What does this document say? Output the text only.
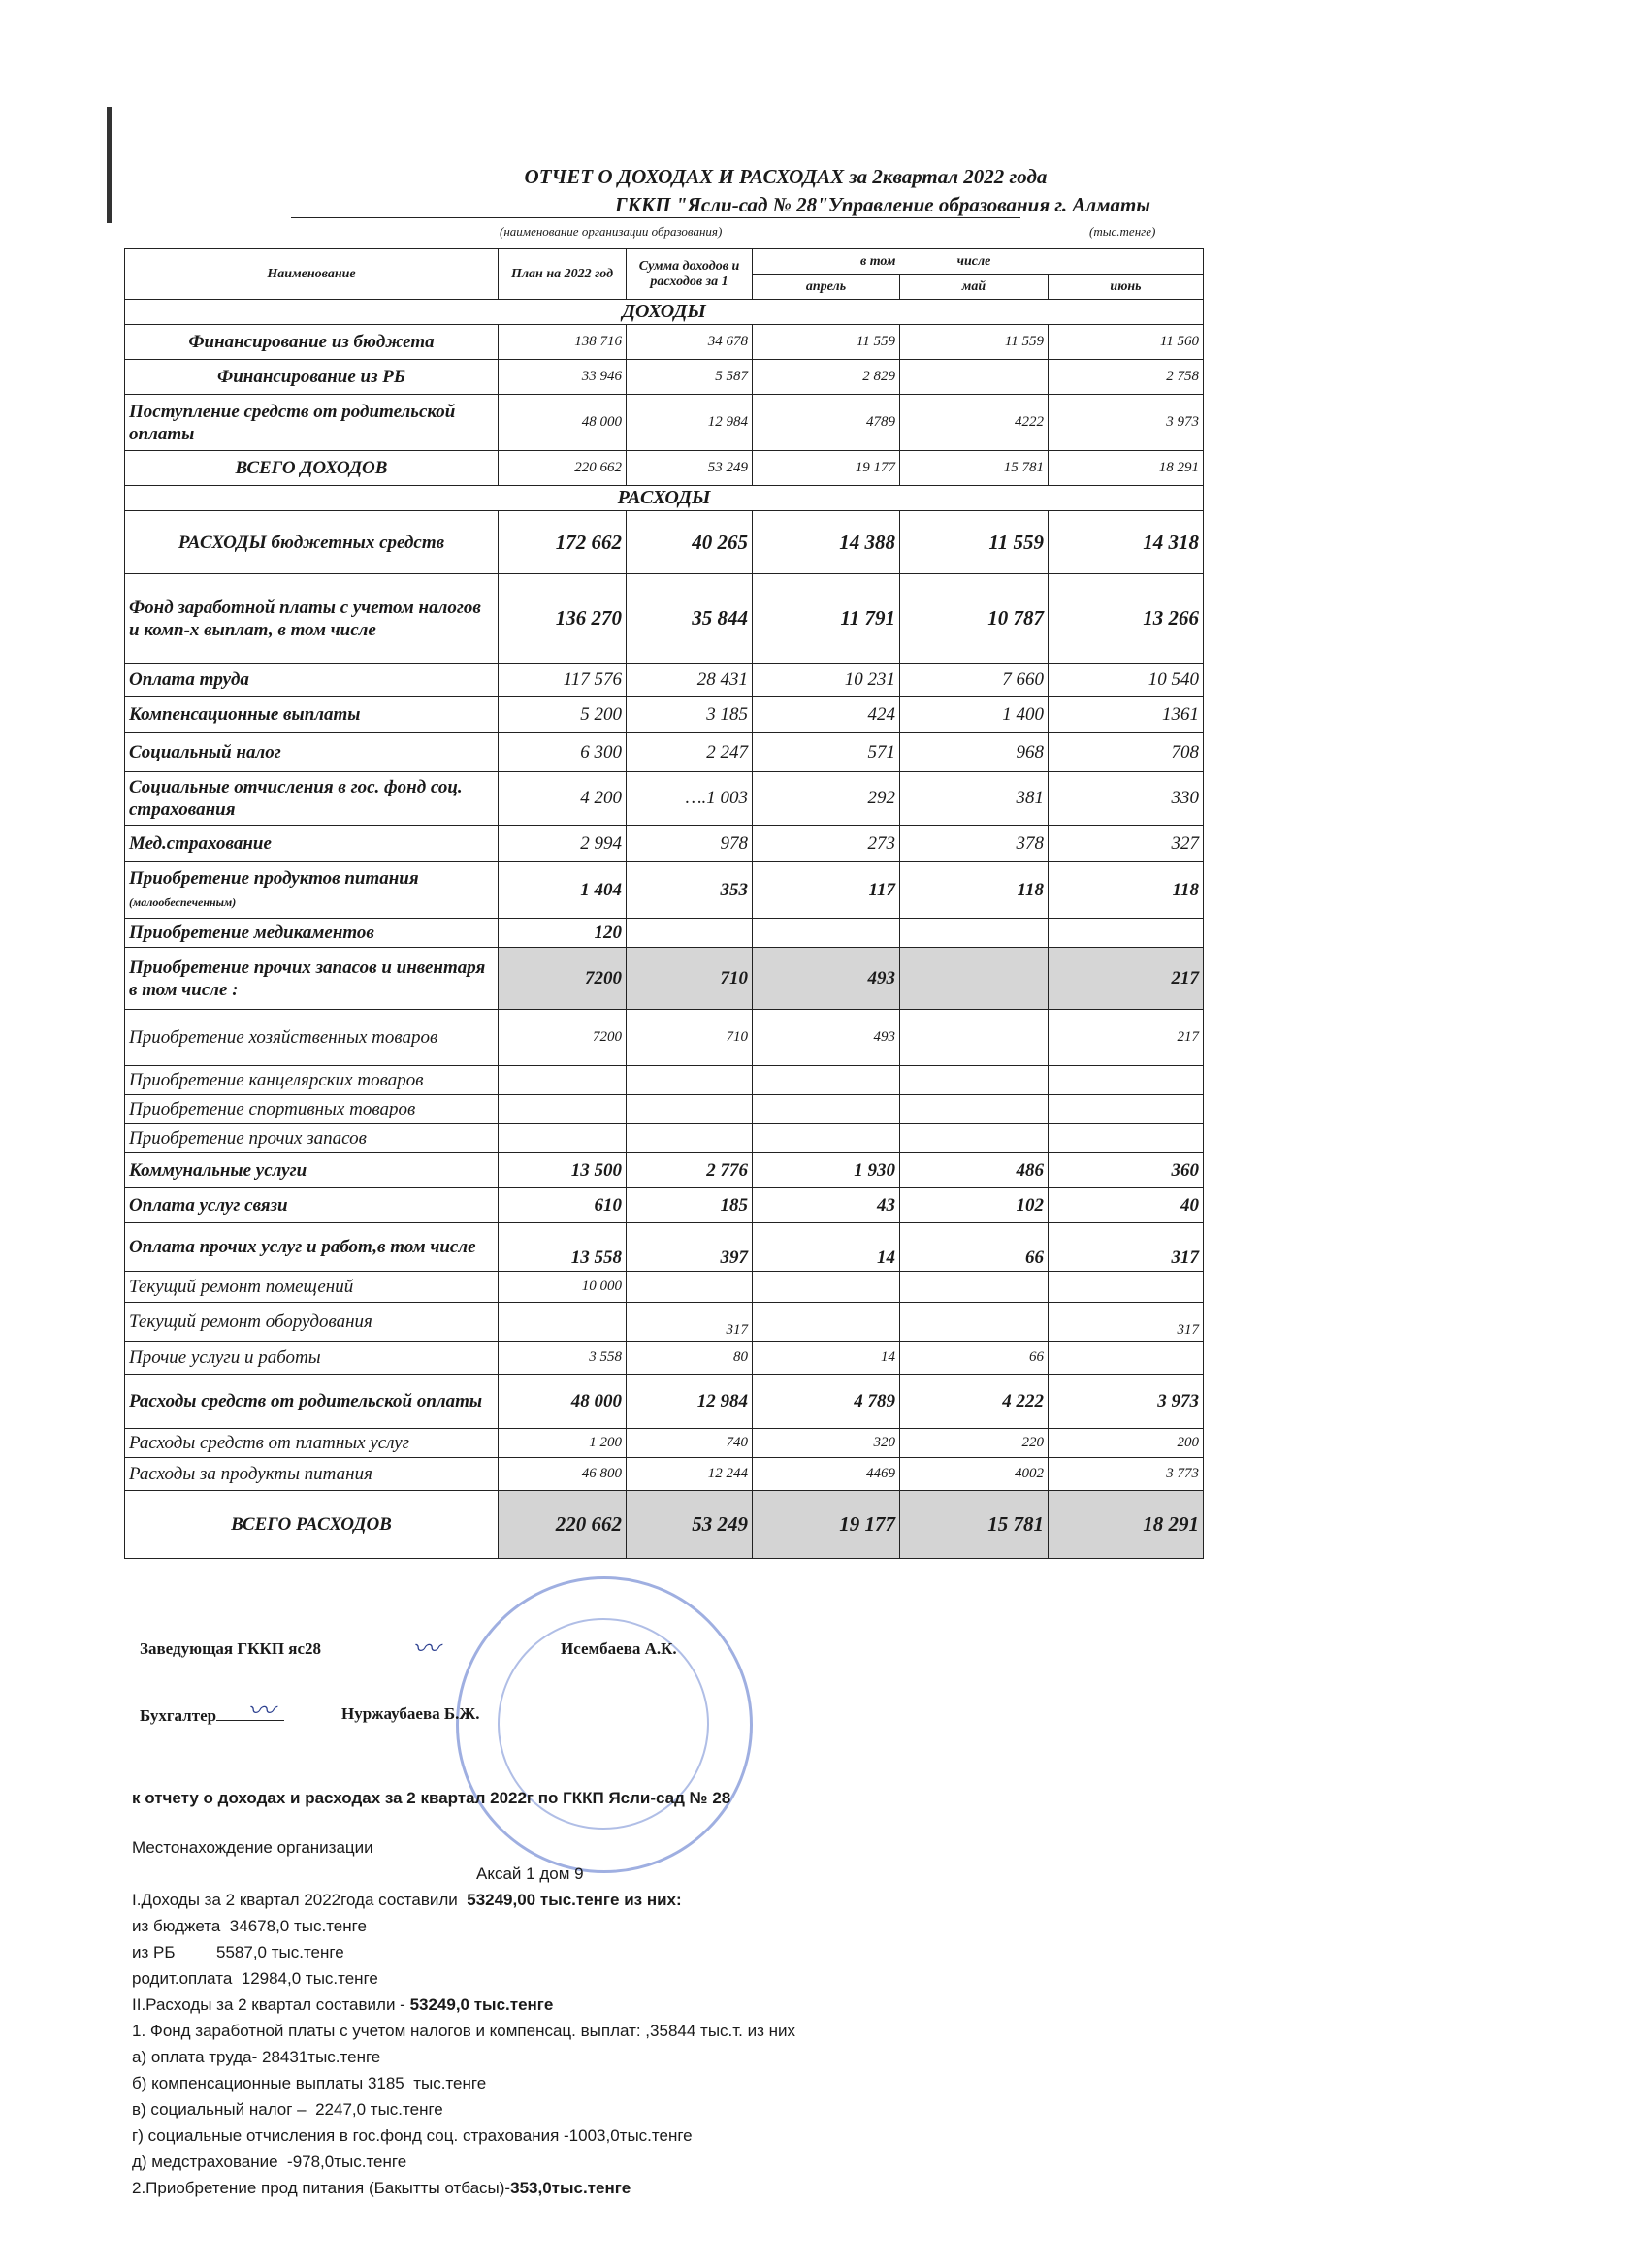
ОТЧЕТ О ДОХОДАХ И РАСХОДАХ за 2квартал 2022 года
ГККП "Ясли-сад № 28"Управление образования г. Алматы
(наименование организации образования)	(тыс.тенге)
Наименование	План на 2022 год	Сумма доходов и расходов за 1	в том	числе	
			апрель	май	июнь
ДОХОДЫ					
Финансирование из бюджета	138 716	34 678	11 559	11 559	11 560
Финансирование из РБ	33 946	5 587	2 829		2 758
Поступление средств от родительской оплаты	48 000	12 984	4789	4222	3 973
ВСЕГО ДОХОДОВ	220 662	53 249	19 177	15 781	18 291
РАСХОДЫ					
РАСХОДЫ бюджетных средств	172 662	40 265	14 388	11 559	14 318
Фонд заработной платы с учетом налогов и комп-х выплат, в том числе	136 270	35 844	11 791	10 787	13 266
Оплата труда	117 576	28 431	10 231	7 660	10 540
Компенсационные выплаты	5 200	3 185	424	1 400	1361
Социальный налог	6 300	2 247	571	968	708
Социальные отчисления в гос. фонд соц. страхования	4 200	….1 003	292	381	330
Мед.страхование	2 994	978	273	378	327
Приобретение продуктов питания (малообеспеченным)	1 404	353	117	118	118
Приобретение медикаментов	120				
Приобретение прочих запасов и инвентаря в том числе :	7200	710	493		217
Приобретение хозяйственных товаров	7200	710	493		217
Приобретение канцелярских товаров					
Приобретение спортивных товаров					
Приобретение прочих запасов					
Коммунальные услуги	13 500	2 776	1 930	486	360
Оплата услуг связи	610	185	43	102	40
Оплата прочих услуг и работ,в том числе	13 558	397	14	66	317
Текущий ремонт помещений	10 000				
Текущий ремонт оборудования		317			317
Прочие услуги и работы	3 558	80	14	66	
Расходы средств от родительской оплаты	48 000	12 984	4 789	4 222	3 973
Расходы средств от платных услуг	1 200	740	320	220	200
Расходы за продукты питания	46 800	12 244	4469	4002	3 773
ВСЕГО РАСХОДОВ	220 662	53 249	19 177	15 781	18 291
Заведующая ГККП яс28	〰	Исембаева А.К.
Бухгалтер	〰	Нуржаубаева Б.Ж.
к отчету о доходах и расходах за 2 квартал 2022г по ГККП Ясли-сад № 28
Местонахождение организации
Аксай 1 дом 9
I.Доходы за 2 квартал 2022года составили  53249,00 тыс.тенге из них:
из бюджета  34678,0 тыс.тенге
из РБ         5587,0 тыс.тенге
родит.оплата  12984,0 тыс.тенге
II.Расходы за 2 квартал составили - 53249,0 тыс.тенге
1. Фонд заработной платы с учетом налогов и компенсац. выплат: ,35844 тыс.т. из них
а) оплата труда- 28431тыс.тенге
б) компенсационные выплаты 3185  тыс.тенге
в) социальный налог –  2247,0 тыс.тенге
г) социальные отчисления в гос.фонд соц. страхования -1003,0тыс.тенге
д) медстрахование  -978,0тыс.тенге
2.Приобретение прод питания (Бакытты отбасы)-353,0тыс.тенге
